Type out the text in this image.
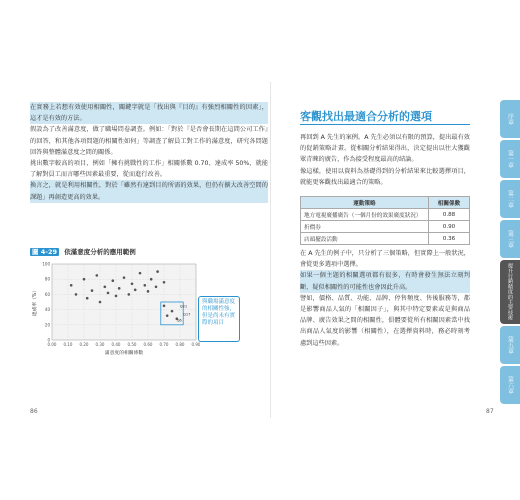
在實務上若想有效使用相關性，關鍵字就是「找出與『目的』有強烈相關性的因素」，這才是有效的方法。

假設為了改善滿意度，做了職場問卷調查。例如：「對於『是否會長期在這間公司工作』的回答，和其他各項問題的相關性如何」等調查了解員工對工作的滿意度，研究各問題回答與整體滿意度之間的關係。

挑出數字較高的項目，例如「擁有挑戰性的工作」相關係數 0.70、達成率 50%，就能了解對員工而言哪些因素最重要，從而進行改善。

換言之，就是利用相關性，對於「雖然有達到目的所需的效果，但仍有擴大改善空間的課題」再創造更高的效果。

圖 4-29 依滿意度分析的應用範例
100
80
60
40
20
0
0.00 0.10 0.20 0.30 0.40 0.50 0.60 0.70 0.80 0.90
Q21
Q17
Q6
滿意度的相關係數
達成率（%）	與職場滿意度的相關性強，但是尚未有實際的項目
86
客觀找出最適合分析的選項

再回到 A 先生的案例。A 先生必須以有限的預算，提出最有效的促銷策略計畫。從相關分析結果得出，決定提出以往大獲觀眾青睞的廣告，作為接受程度最高的結論。

像這樣，使用以資料為基礎得到的分析結果來比較選擇項目，就能更客觀找出最適合的策略。

運動策略	相關係數
地方電視廣播廣告（一個月份的效果廣度狀況）	0.88
折價券	0.90
店頭擺設活動	0.36

在 A 先生的例子中，只分析了三個策略，但實際上一般狀況，會從更多選項中選擇。

如果一個主題的相關選項都有很多，有時會發生無法立刻判斷、疑似相關性的可能性也會因此升高。

譬如，價格、品質、功能、品牌、停售頻度、售後服務等，都是影響商品人氣的「相關因子」，與其中特定要素或是與商品品牌、廣告效果之間的相關性，俱體要從所有相關因素當中找出商品人氣度的影響（相關性），在選擇資料時，務必時刻考慮到這些因素。

87
序章
第一章
第二章
第三章
提升行銷精度的主要技術
第五章
第六章
